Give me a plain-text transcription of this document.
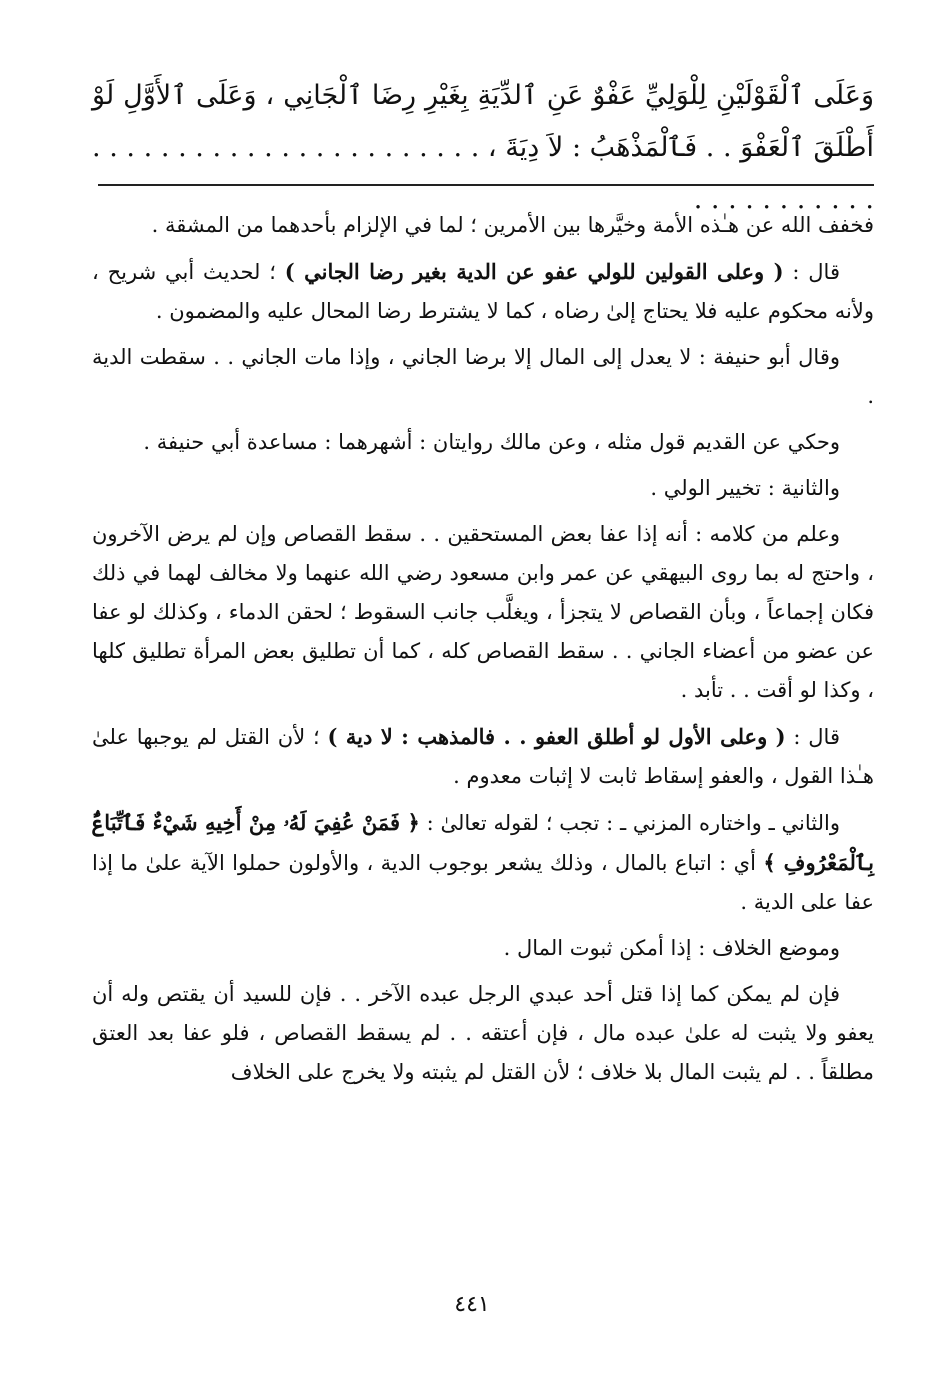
وَعَلَى ٱلْقَوْلَيْنِ لِلْوَلِيِّ عَفْوٌ عَنِ ٱلدِّيَةِ بِغَيْرِ رِضَا ٱلْجَانِي ، وَعَلَى ٱلأَوَّلِ لَوْ أَطْلَقَ ٱلْعَفْوَ . . فَٱلْمَذْهَبُ : لاَ دِيَةَ ، . . . . . . . . . . . . . . . . . . . . . . . . . . . . . . . . . .

فخفف الله عن هـٰذه الأمة وخيَّرها بين الأمرين ؛ لما في الإلزام بأحدهما من المشقة .

قال : ( وعلى القولين للولي عفو عن الدية بغير رضا الجاني ) ؛ لحديث أبي شريح ، ولأنه محكوم عليه فلا يحتاج إلىٰ رضاه ، كما لا يشترط رضا المحال عليه والمضمون .

وقال أبو حنيفة : لا يعدل إلى المال إلا برضا الجاني ، وإذا مات الجاني . . سقطت الدية .

وحكي عن القديم قول مثله ، وعن مالك روايتان : أشهرهما : مساعدة أبي حنيفة .

والثانية : تخيير الولي .

وعلم من كلامه : أنه إذا عفا بعض المستحقين . . سقط القصاص وإن لم يرض الآخرون ، واحتج له بما روى البيهقي عن عمر وابن مسعود رضي الله عنهما ولا مخالف لهما في ذلك فكان إجماعاً ، وبأن القصاص لا يتجزأ ، ويغلَّب جانب السقوط ؛ لحقن الدماء ، وكذلك لو عفا عن عضو من أعضاء الجاني . . سقط القصاص كله ، كما أن تطليق بعض المرأة تطليق كلها ، وكذا لو أقت . . تأبد .

قال : ( وعلى الأول لو أطلق العفو . . فالمذهب : لا دية ) ؛ لأن القتل لم يوجبها علىٰ هـٰذا القول ، والعفو إسقاط ثابت لا إثبات معدوم .

والثاني ـ واختاره المزني ـ : تجب ؛ لقوله تعالىٰ : ﴿ فَمَنْ عُفِيَ لَهُۥ مِنْ أَخِيهِ شَيْءٌ فَٱتِّبَاعٌۢ بِٱلْمَعْرُوفِ ﴾ أي : اتباع بالمال ، وذلك يشعر بوجوب الدية ، والأولون حملوا الآية علىٰ ما إذا عفا على الدية .

وموضع الخلاف : إذا أمكن ثبوت المال .

فإن لم يمكن كما إذا قتل أحد عبدي الرجل عبده الآخر . . فإن للسيد أن يقتص وله أن يعفو ولا يثبت له علىٰ عبده مال ، فإن أعتقه . . لم يسقط القصاص ، فلو عفا بعد العتق مطلقاً . . لم يثبت المال بلا خلاف ؛ لأن القتل لم يثبته ولا يخرج على الخلاف

٤٤١
